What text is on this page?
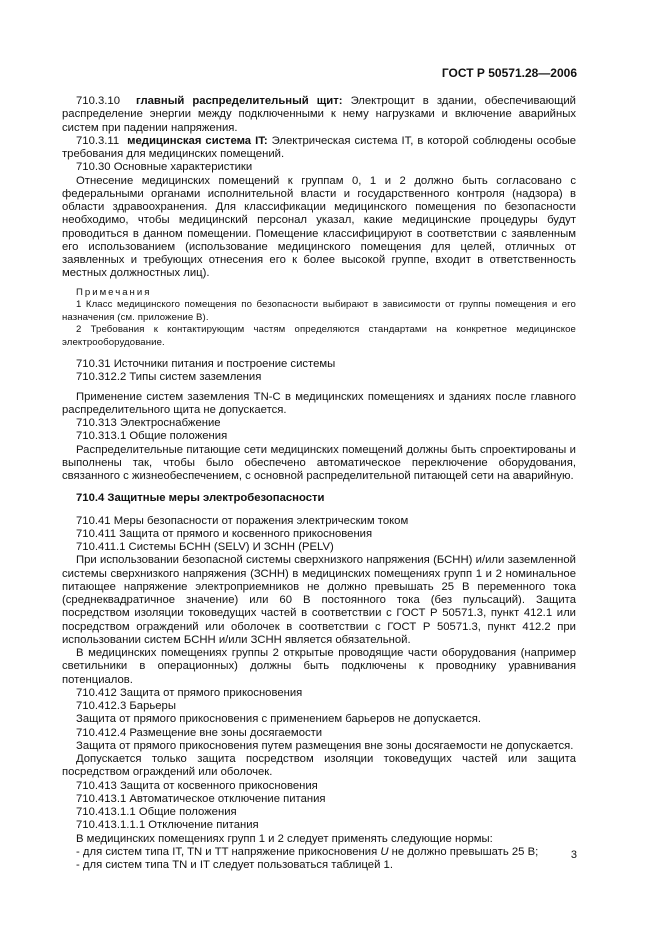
ГОСТ Р 50571.28—2006

710.3.10 главный распределительный щит: Электрощит в здании, обеспечивающий распределение энергии между подключенными к нему нагрузками и включение аварийных систем при падении напряжения.

710.3.11 медицинская система IT: Электрическая система IT, в которой соблюдены особые требования для медицинских помещений.

710.30 Основные характеристики

Отнесение медицинских помещений к группам 0, 1 и 2 должно быть согласовано с федеральными органами исполнительной власти и государственного контроля (надзора) в области здравоохранения. Для классификации медицинского помещения по безопасности необходимо, чтобы медицинский персонал указал, какие медицинские процедуры будут проводиться в данном помещении. Помещение классифицируют в соответствии с заявленным его использованием (использование медицинского помещения для целей, отличных от заявленных и требующих отнесения его к более высокой группе, входит в ответственность местных должностных лиц).

Примечания

1 Класс медицинского помещения по безопасности выбирают в зависимости от группы помещения и его назначения (см. приложение В).

2 Требования к контактирующим частям определяются стандартами на конкретное медицинское электрооборудование.

710.31 Источники питания и построение системы

710.312.2 Типы систем заземления

Применение систем заземления TN-C в медицинских помещениях и зданиях после главного распределительного щита не допускается.

710.313 Электроснабжение

710.313.1 Общие положения

Распределительные питающие сети медицинских помещений должны быть спроектированы и выполнены так, чтобы было обеспечено автоматическое переключение оборудования, связанного с жизнеобеспечением, с основной распределительной питающей сети на аварийную.

710.4 Защитные меры электробезопасности

710.41 Меры безопасности от поражения электрическим током

710.411 Защита от прямого и косвенного прикосновения

710.411.1 Системы БСНН (SELV) И ЗСНН (PELV)

При использовании безопасной системы сверхнизкого напряжения (БСНН) и/или заземленной системы сверхнизкого напряжения (ЗСНН) в медицинских помещениях групп 1 и 2 номинальное питающее напряжение электроприемников не должно превышать 25 В переменного тока (среднеквадратичное значение) или 60 В постоянного тока (без пульсаций). Защита посредством изоляции токоведущих частей в соответствии с ГОСТ Р 50571.3, пункт 412.1 или посредством ограждений или оболочек в соответствии с ГОСТ Р 50571.3, пункт 412.2 при использовании систем БСНН и/или ЗСНН является обязательной.

В медицинских помещениях группы 2 открытые проводящие части оборудования (например светильники в операционных) должны быть подключены к проводнику уравнивания потенциалов.

710.412 Защита от прямого прикосновения

710.412.3 Барьеры

Защита от прямого прикосновения с применением барьеров не допускается.

710.412.4 Размещение вне зоны досягаемости

Защита от прямого прикосновения путем размещения вне зоны досягаемости не допускается.

Допускается только защита посредством изоляции токоведущих частей или защита посредством ограждений или оболочек.

710.413 Защита от косвенного прикосновения

710.413.1 Автоматическое отключение питания

710.413.1.1 Общие положения

710.413.1.1.1 Отключение питания

В медицинских помещениях групп 1 и 2 следует применять следующие нормы:

- для систем типа IT, TN и TT напряжение прикосновения U не должно превышать 25 В;

- для систем типа TN и IT следует пользоваться таблицей 1.

3
